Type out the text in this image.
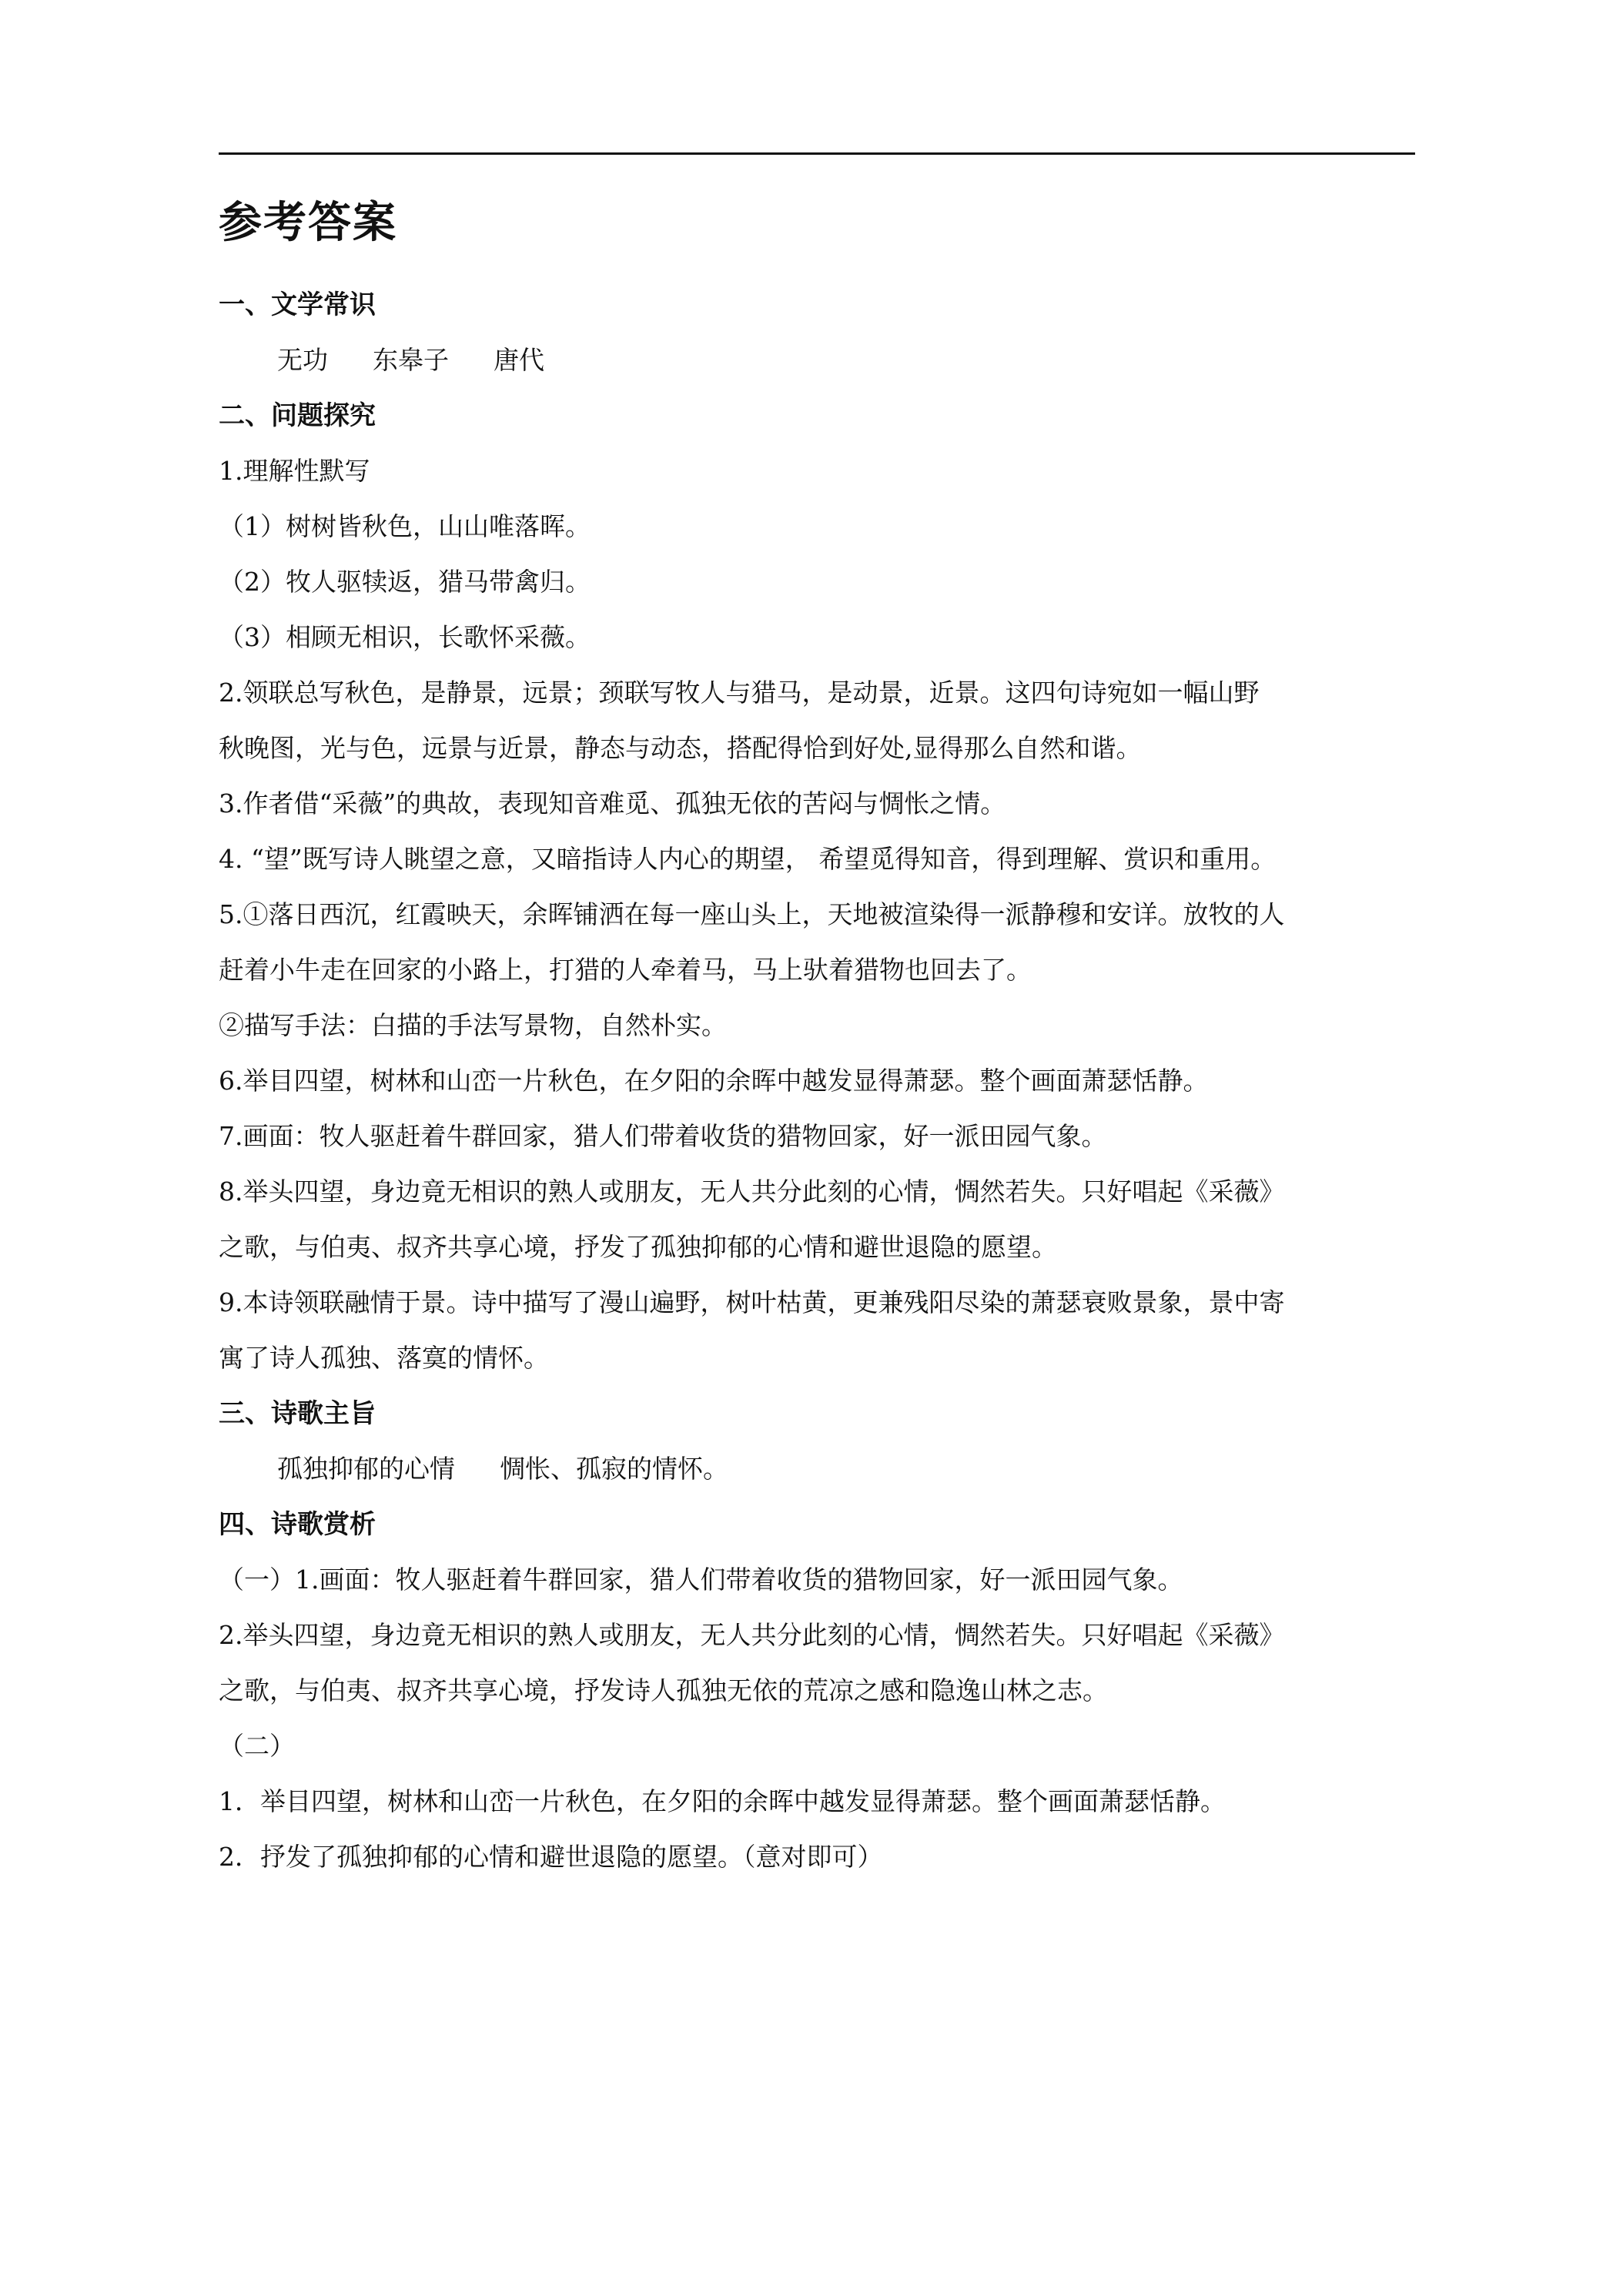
参考答案
一、文学常识
无功 东皋子 唐代
二、问题探究
1.理解性默写
（1）树树皆秋色，山山唯落晖。
（2）牧人驱犊返，猎马带禽归。
（3）相顾无相识，长歌怀采薇。
2.领联总写秋色，是静景，远景；颈联写牧人与猎马，是动景，近景。这四句诗宛如一幅山野
秋晚图，光与色，远景与近景，静态与动态，搭配得恰到好处,显得那么自然和谐。
3.作者借“采薇”的典故，表现知音难觅、孤独无依的苦闷与惆怅之情。
4. “望”既写诗人眺望之意，又暗指诗人内心的期望， 希望觅得知音，得到理解、赏识和重用。
5.①落日西沉，红霞映天，余晖铺洒在每一座山头上，天地被渲染得一派静穆和安详。放牧的人
赶着小牛走在回家的小路上，打猎的人牵着马，马上驮着猎物也回去了。
②描写手法：白描的手法写景物，自然朴实。
6.举目四望，树林和山峦一片秋色，在夕阳的余晖中越发显得萧瑟。整个画面萧瑟恬静。
7.画面：牧人驱赶着牛群回家，猎人们带着收货的猎物回家，好一派田园气象。
8.举头四望，身边竟无相识的熟人或朋友，无人共分此刻的心情，惆然若失。只好唱起《采薇》
之歌，与伯夷、叔齐共享心境，抒发了孤独抑郁的心情和避世退隐的愿望。
9.本诗领联融情于景。诗中描写了漫山遍野，树叶枯黄，更兼残阳尽染的萧瑟衰败景象，景中寄
寓了诗人孤独、落寞的情怀。
三、诗歌主旨
孤独抑郁的心情 惆怅、孤寂的情怀。
四、诗歌赏析
（一）1.画面：牧人驱赶着牛群回家，猎人们带着收货的猎物回家，好一派田园气象。
2.举头四望，身边竟无相识的熟人或朋友，无人共分此刻的心情，惆然若失。只好唱起《采薇》
之歌，与伯夷、叔齐共享心境，抒发诗人孤独无依的荒凉之感和隐逸山林之志。
（二）
1．举目四望，树林和山峦一片秋色，在夕阳的余晖中越发显得萧瑟。整个画面萧瑟恬静。
2．抒发了孤独抑郁的心情和避世退隐的愿望。（意对即可）
